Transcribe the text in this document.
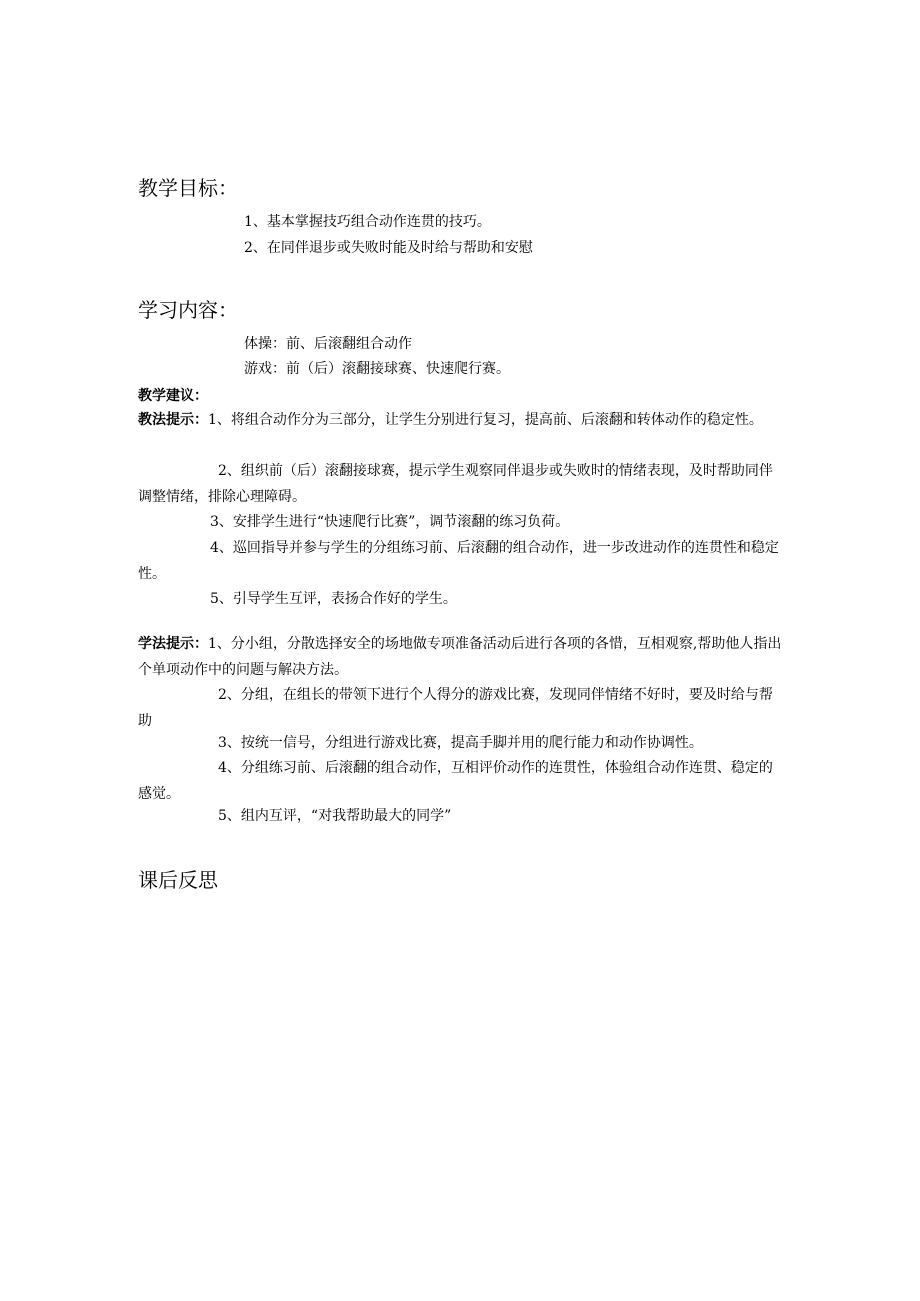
教学目标：
1、基本掌握技巧组合动作连贯的技巧。
2、在同伴退步或失败时能及时给与帮助和安慰
学习内容：
体操：前、后滚翻组合动作
游戏：前（后）滚翻接球赛、快速爬行赛。
教学建议：
教法提示：1、将组合动作分为三部分，让学生分别进行复习，提高前、后滚翻和转体动作的稳定性。
2、组织前（后）滚翻接球赛，提示学生观察同伴退步或失败时的情绪表现，及时帮助同伴调整情绪，排除心理障碍。
3、安排学生进行“快速爬行比赛”，调节滚翻的练习负荷。
4、巡回指导并参与学生的分组练习前、后滚翻的组合动作，进一步改进动作的连贯性和稳定性。
5、引导学生互评，表扬合作好的学生。
学法提示：1、分小组，分散选择安全的场地做专项准备活动后进行各项的各惜，互相观察,帮助他人指出个单项动作中的问题与解决方法。
2、分组，在组长的带领下进行个人得分的游戏比赛，发现同伴情绪不好时，要及时给与帮助
3、按统一信号，分组进行游戏比赛，提高手脚并用的爬行能力和动作协调性。
4、分组练习前、后滚翻的组合动作，互相评价动作的连贯性，体验组合动作连贯、稳定的感觉。
5、组内互评，“对我帮助最大的同学”
课后反思
